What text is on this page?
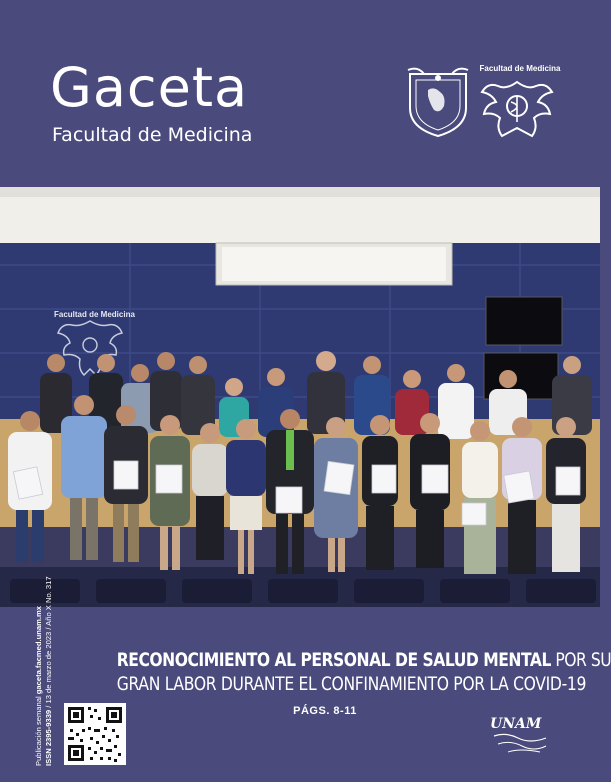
Gaceta
Facultad de Medicina
Facultad de Medicina
Facultad de Medicina
RECONOCIMIENTO AL PERSONAL DE SALUD MENTAL POR SU
GRAN LABOR DURANTE EL CONFINAMIENTO POR LA COVID-19
PÁGS. 8-11
Publicación semanal gaceta.facmed.unam.mx
ISSN 2395-9339 / 13 de marzo de 2023 / Año X No. 317
UNAM
